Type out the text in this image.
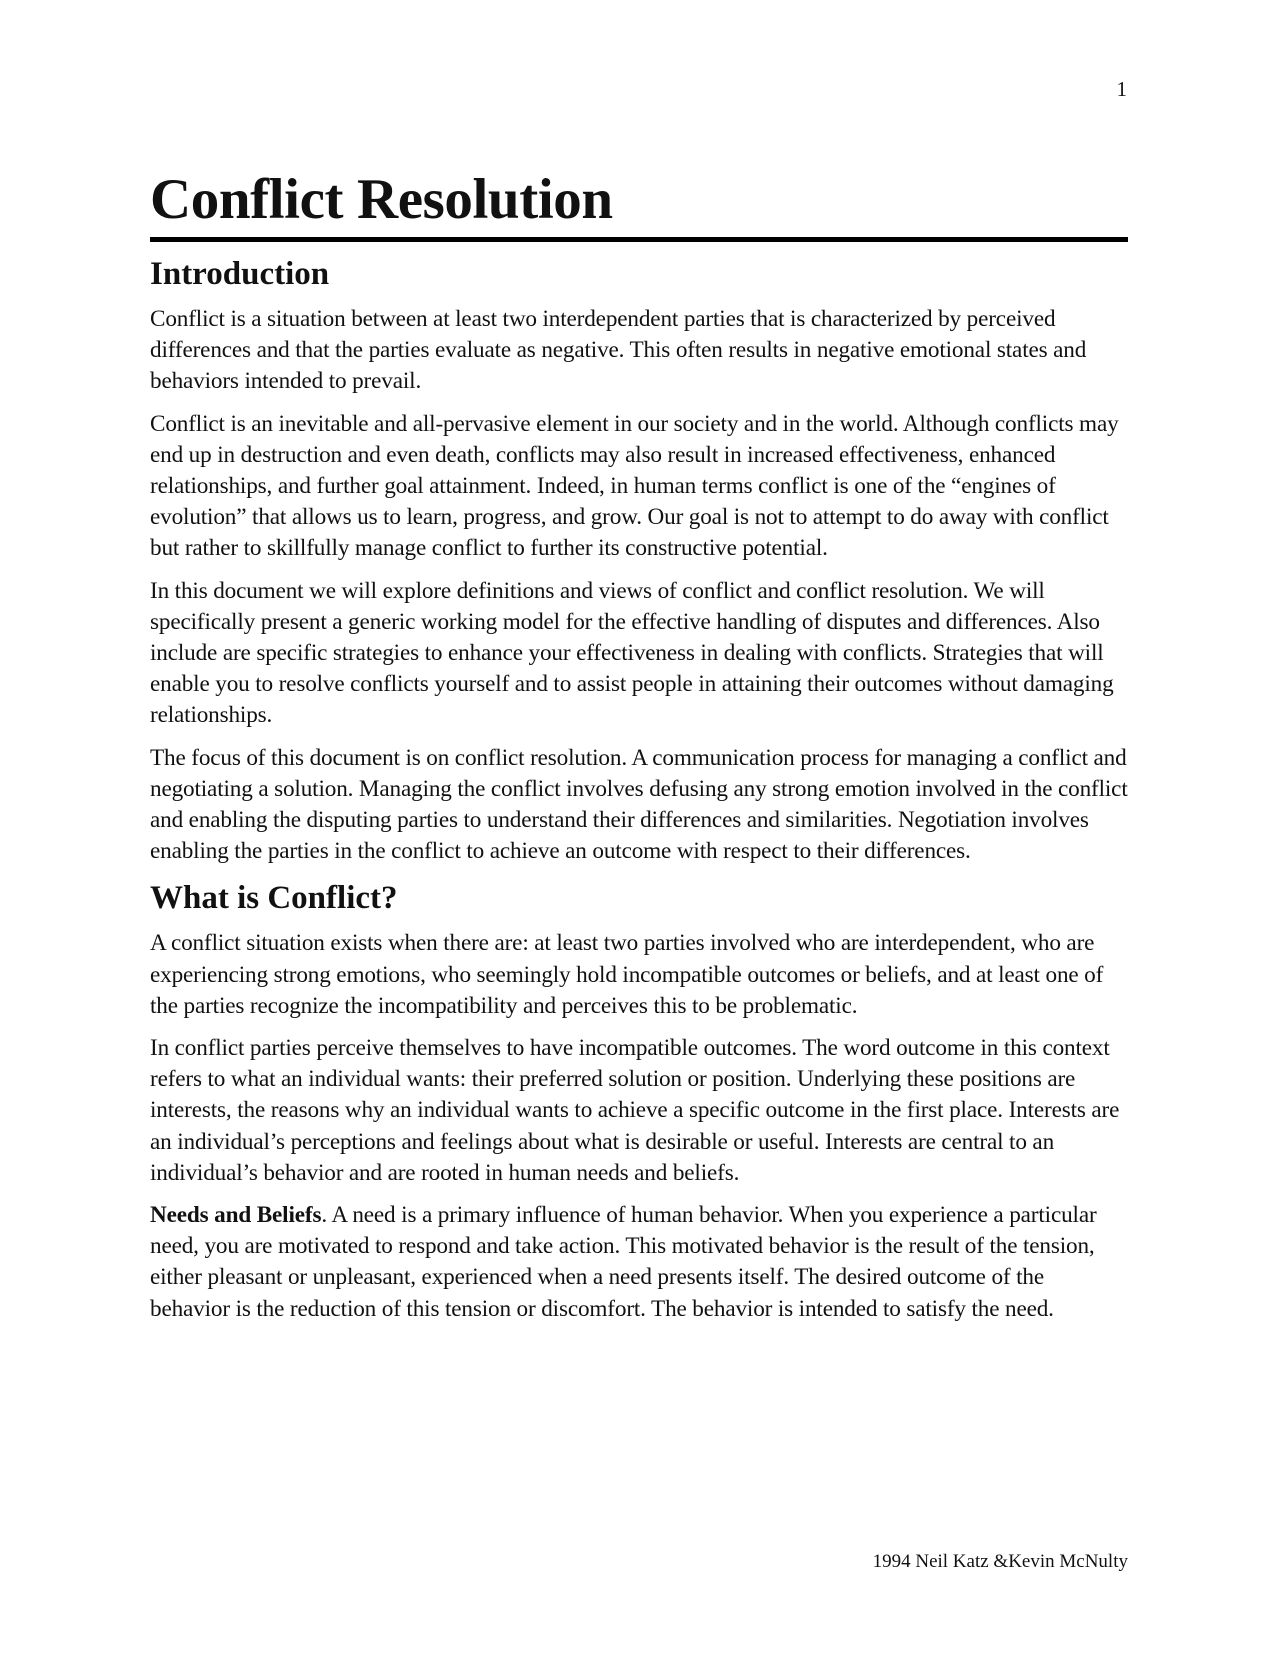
1
Conflict Resolution
Introduction

Conflict is a situation between at least two interdependent parties that is characterized by perceived differences and that the parties evaluate as negative. This often results in negative emotional states and behaviors intended to prevail.

Conflict is an inevitable and all-pervasive element in our society and in the world. Although conflicts may end up in destruction and even death, conflicts may also result in increased effectiveness, enhanced relationships, and further goal attainment. Indeed, in human terms conflict is one of the “engines of evolution” that allows us to learn, progress, and grow. Our goal is not to attempt to do away with conflict but rather to skillfully manage conflict to further its constructive potential.

In this document we will explore definitions and views of conflict and conflict resolution. We will specifically present a generic working model for the effective handling of disputes and differences. Also include are specific strategies to enhance your effectiveness in dealing with conflicts. Strategies that will enable you to resolve conflicts yourself and to assist people in attaining their outcomes without damaging relationships.

The focus of this document is on conflict resolution. A communication process for managing a conflict and negotiating a solution. Managing the conflict involves defusing any strong emotion involved in the conflict and enabling the disputing parties to understand their differences and similarities. Negotiation involves enabling the parties in the conflict to achieve an outcome with respect to their differences.

What is Conflict?

A conflict situation exists when there are: at least two parties involved who are interdependent, who are experiencing strong emotions, who seemingly hold incompatible outcomes or beliefs, and at least one of the parties recognize the incompatibility and perceives this to be problematic.

In conflict parties perceive themselves to have incompatible outcomes. The word outcome in this context refers to what an individual wants: their preferred solution or position. Underlying these positions are interests, the reasons why an individual wants to achieve a specific outcome in the first place. Interests are an individual’s perceptions and feelings about what is desirable or useful. Interests are central to an individual’s behavior and are rooted in human needs and beliefs.

Needs and Beliefs. A need is a primary influence of human behavior. When you experience a particular need, you are motivated to respond and take action. This motivated behavior is the result of the tension, either pleasant or unpleasant, experienced when a need presents itself. The desired outcome of the behavior is the reduction of this tension or discomfort. The behavior is intended to satisfy the need.

1994 Neil Katz &Kevin McNulty
